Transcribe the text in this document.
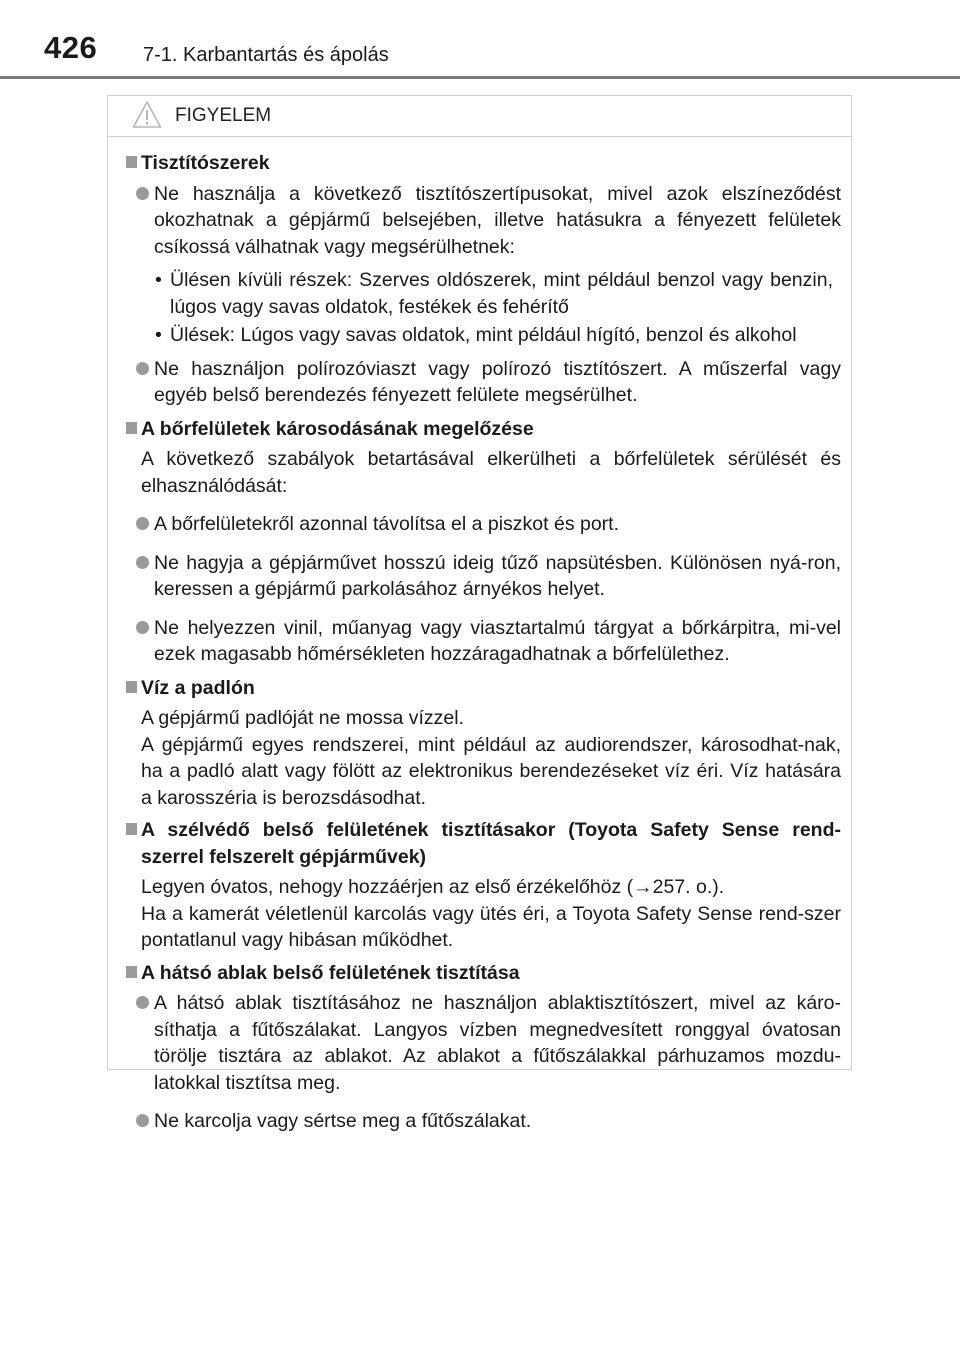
426 7-1. Karbantartás és ápolás
FIGYELEM
Tisztítószerek
Ne használja a következő tisztítószertípusokat, mivel azok elszíneződést okozhatnak a gépjármű belsejében, illetve hatásukra a fényezett felületek csíkossá válhatnak vagy megsérülhetnek:
• Ülésen kívüli részek: Szerves oldószerek, mint például benzol vagy benzin, lúgos vagy savas oldatok, festékek és fehérítő
• Ülések: Lúgos vagy savas oldatok, mint például hígító, benzol és alkohol
Ne használjon polírozóviaszt vagy polírozó tisztítószert. A műszerfal vagy egyéb belső berendezés fényezett felülete megsérülhet.
A bőrfelületek károsodásának megelőzése
A következő szabályok betartásával elkerülheti a bőrfelületek sérülését és elhasználódását:
A bőrfelületekről azonnal távolítsa el a piszkot és port.
Ne hagyja a gépjárművet hosszú ideig tűző napsütésben. Különösen nyá-ron, keressen a gépjármű parkolásához árnyékos helyet.
Ne helyezzen vinil, műanyag vagy viasztartalmú tárgyat a bőrkárpitra, mi-vel ezek magasabb hőmérsékleten hozzáragadhatnak a bőrfelülethez.
Víz a padlón
A gépjármű padlóját ne mossa vízzel.
A gépjármű egyes rendszerei, mint például az audiorendszer, károsodhat-nak, ha a padló alatt vagy fölött az elektronikus berendezéseket víz éri. Víz hatására a karosszéria is berozsdásodhat.
A szélvédő belső felületének tisztításakor (Toyota Safety Sense rend-szerrel felszerelt gépjárművek)
Legyen óvatos, nehogy hozzáérjen az első érzékelőhöz (→257. o.).
Ha a kamerát véletlenül karcolás vagy ütés éri, a Toyota Safety Sense rend-szer pontatlanul vagy hibásan működhet.
A hátsó ablak belső felületének tisztítása
A hátsó ablak tisztításához ne használjon ablaktisztítószert, mivel az káro-síthatja a fűtőszálakat. Langyos vízben megnedvesített ronggyal óvatosan törölje tisztára az ablakot. Az ablakot a fűtőszálakkal párhuzamos mozdu-latokkal tisztítsa meg.
Ne karcolja vagy sértse meg a fűtőszálakat.
